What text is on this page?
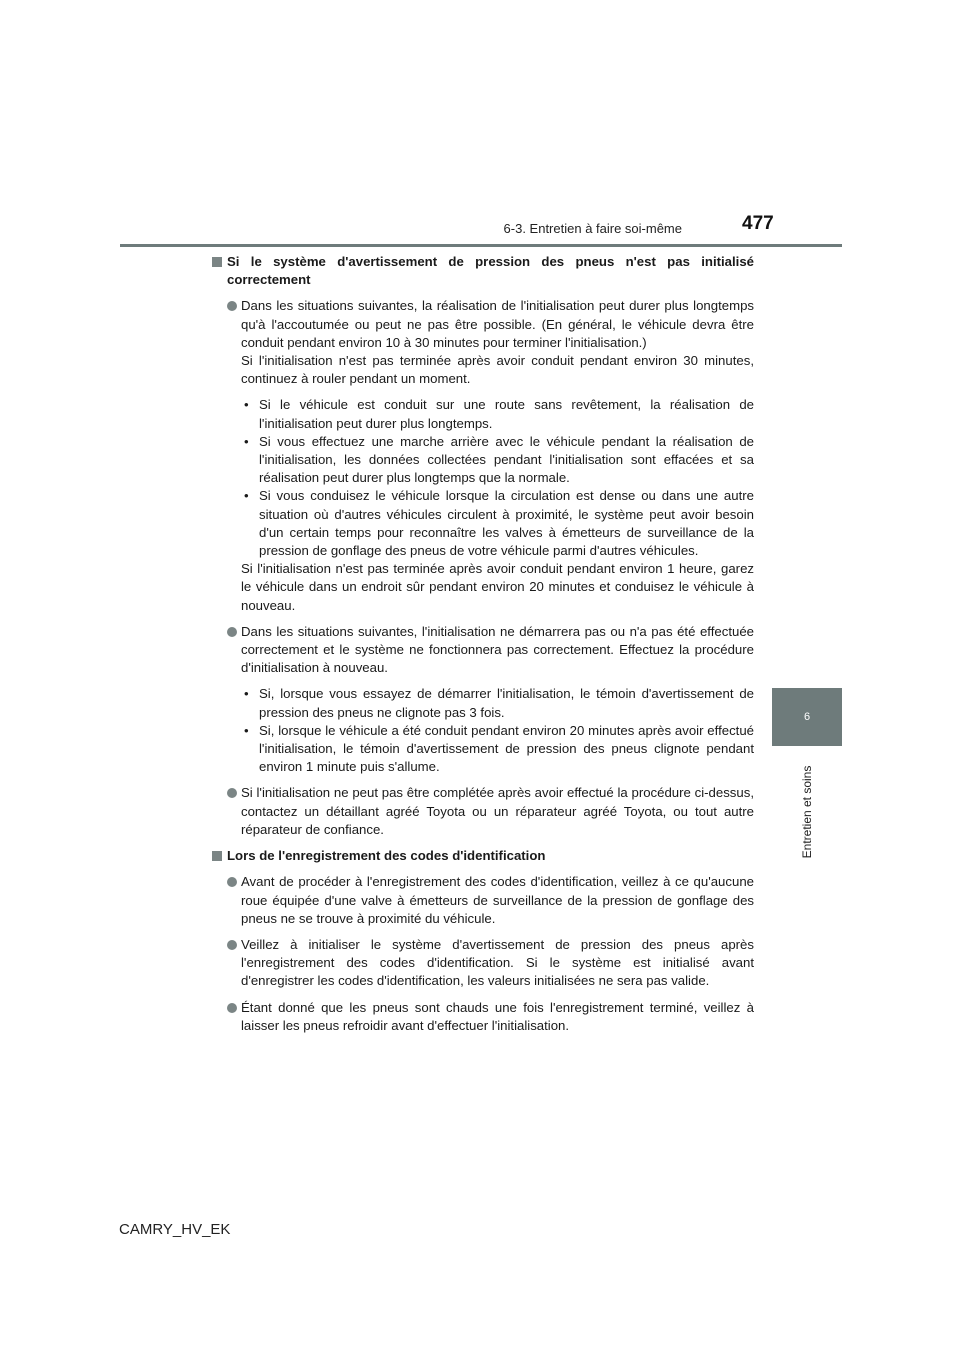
6-3. Entretien à faire soi-même	477
6
Entretien et soins
Si le système d'avertissement de pression des pneus n'est pas initialisé correctement

Dans les situations suivantes, la réalisation de l'initialisation peut durer plus longtemps qu'à l'accoutumée ou peut ne pas être possible. (En général, le véhicule devra être conduit pendant environ 10 à 30 minutes pour terminer l'initialisation.)

Si l'initialisation n'est pas terminée après avoir conduit pendant environ 30 minutes, continuez à rouler pendant un moment.

• Si le véhicule est conduit sur une route sans revêtement, la réalisation de l'initialisation peut durer plus longtemps.
• Si vous effectuez une marche arrière avec le véhicule pendant la réalisation de l'initialisation, les données collectées pendant l'initialisation sont effacées et sa réalisation peut durer plus longtemps que la normale.
• Si vous conduisez le véhicule lorsque la circulation est dense ou dans une autre situation où d'autres véhicules circulent à proximité, le système peut avoir besoin d'un certain temps pour reconnaître les valves à émetteurs de surveillance de la pression de gonflage des pneus de votre véhicule parmi d'autres véhicules.

Si l'initialisation n'est pas terminée après avoir conduit pendant environ 1 heure, garez le véhicule dans un endroit sûr pendant environ 20 minutes et conduisez le véhicule à nouveau.

Dans les situations suivantes, l'initialisation ne démarrera pas ou n'a pas été effectuée correctement et le système ne fonctionnera pas correctement. Effectuez la procédure d'initialisation à nouveau.

• Si, lorsque vous essayez de démarrer l'initialisation, le témoin d'avertissement de pression des pneus ne clignote pas 3 fois.
• Si, lorsque le véhicule a été conduit pendant environ 20 minutes après avoir effectué l'initialisation, le témoin d'avertissement de pression des pneus clignote pendant environ 1 minute puis s'allume.

Si l'initialisation ne peut pas être complétée après avoir effectué la procédure ci-dessus, contactez un détaillant agréé Toyota ou un réparateur agréé Toyota, ou tout autre réparateur de confiance.

Lors de l'enregistrement des codes d'identification

Avant de procéder à l'enregistrement des codes d'identification, veillez à ce qu'aucune roue équipée d'une valve à émetteurs de surveillance de la pression de gonflage des pneus ne se trouve à proximité du véhicule.

Veillez à initialiser le système d'avertissement de pression des pneus après l'enregistrement des codes d'identification. Si le système est initialisé avant d'enregistrer les codes d'identification, les valeurs initialisées ne sera pas valide.

Étant donné que les pneus sont chauds une fois l'enregistrement terminé, veillez à laisser les pneus refroidir avant d'effectuer l'initialisation.

CAMRY_HV_EK
